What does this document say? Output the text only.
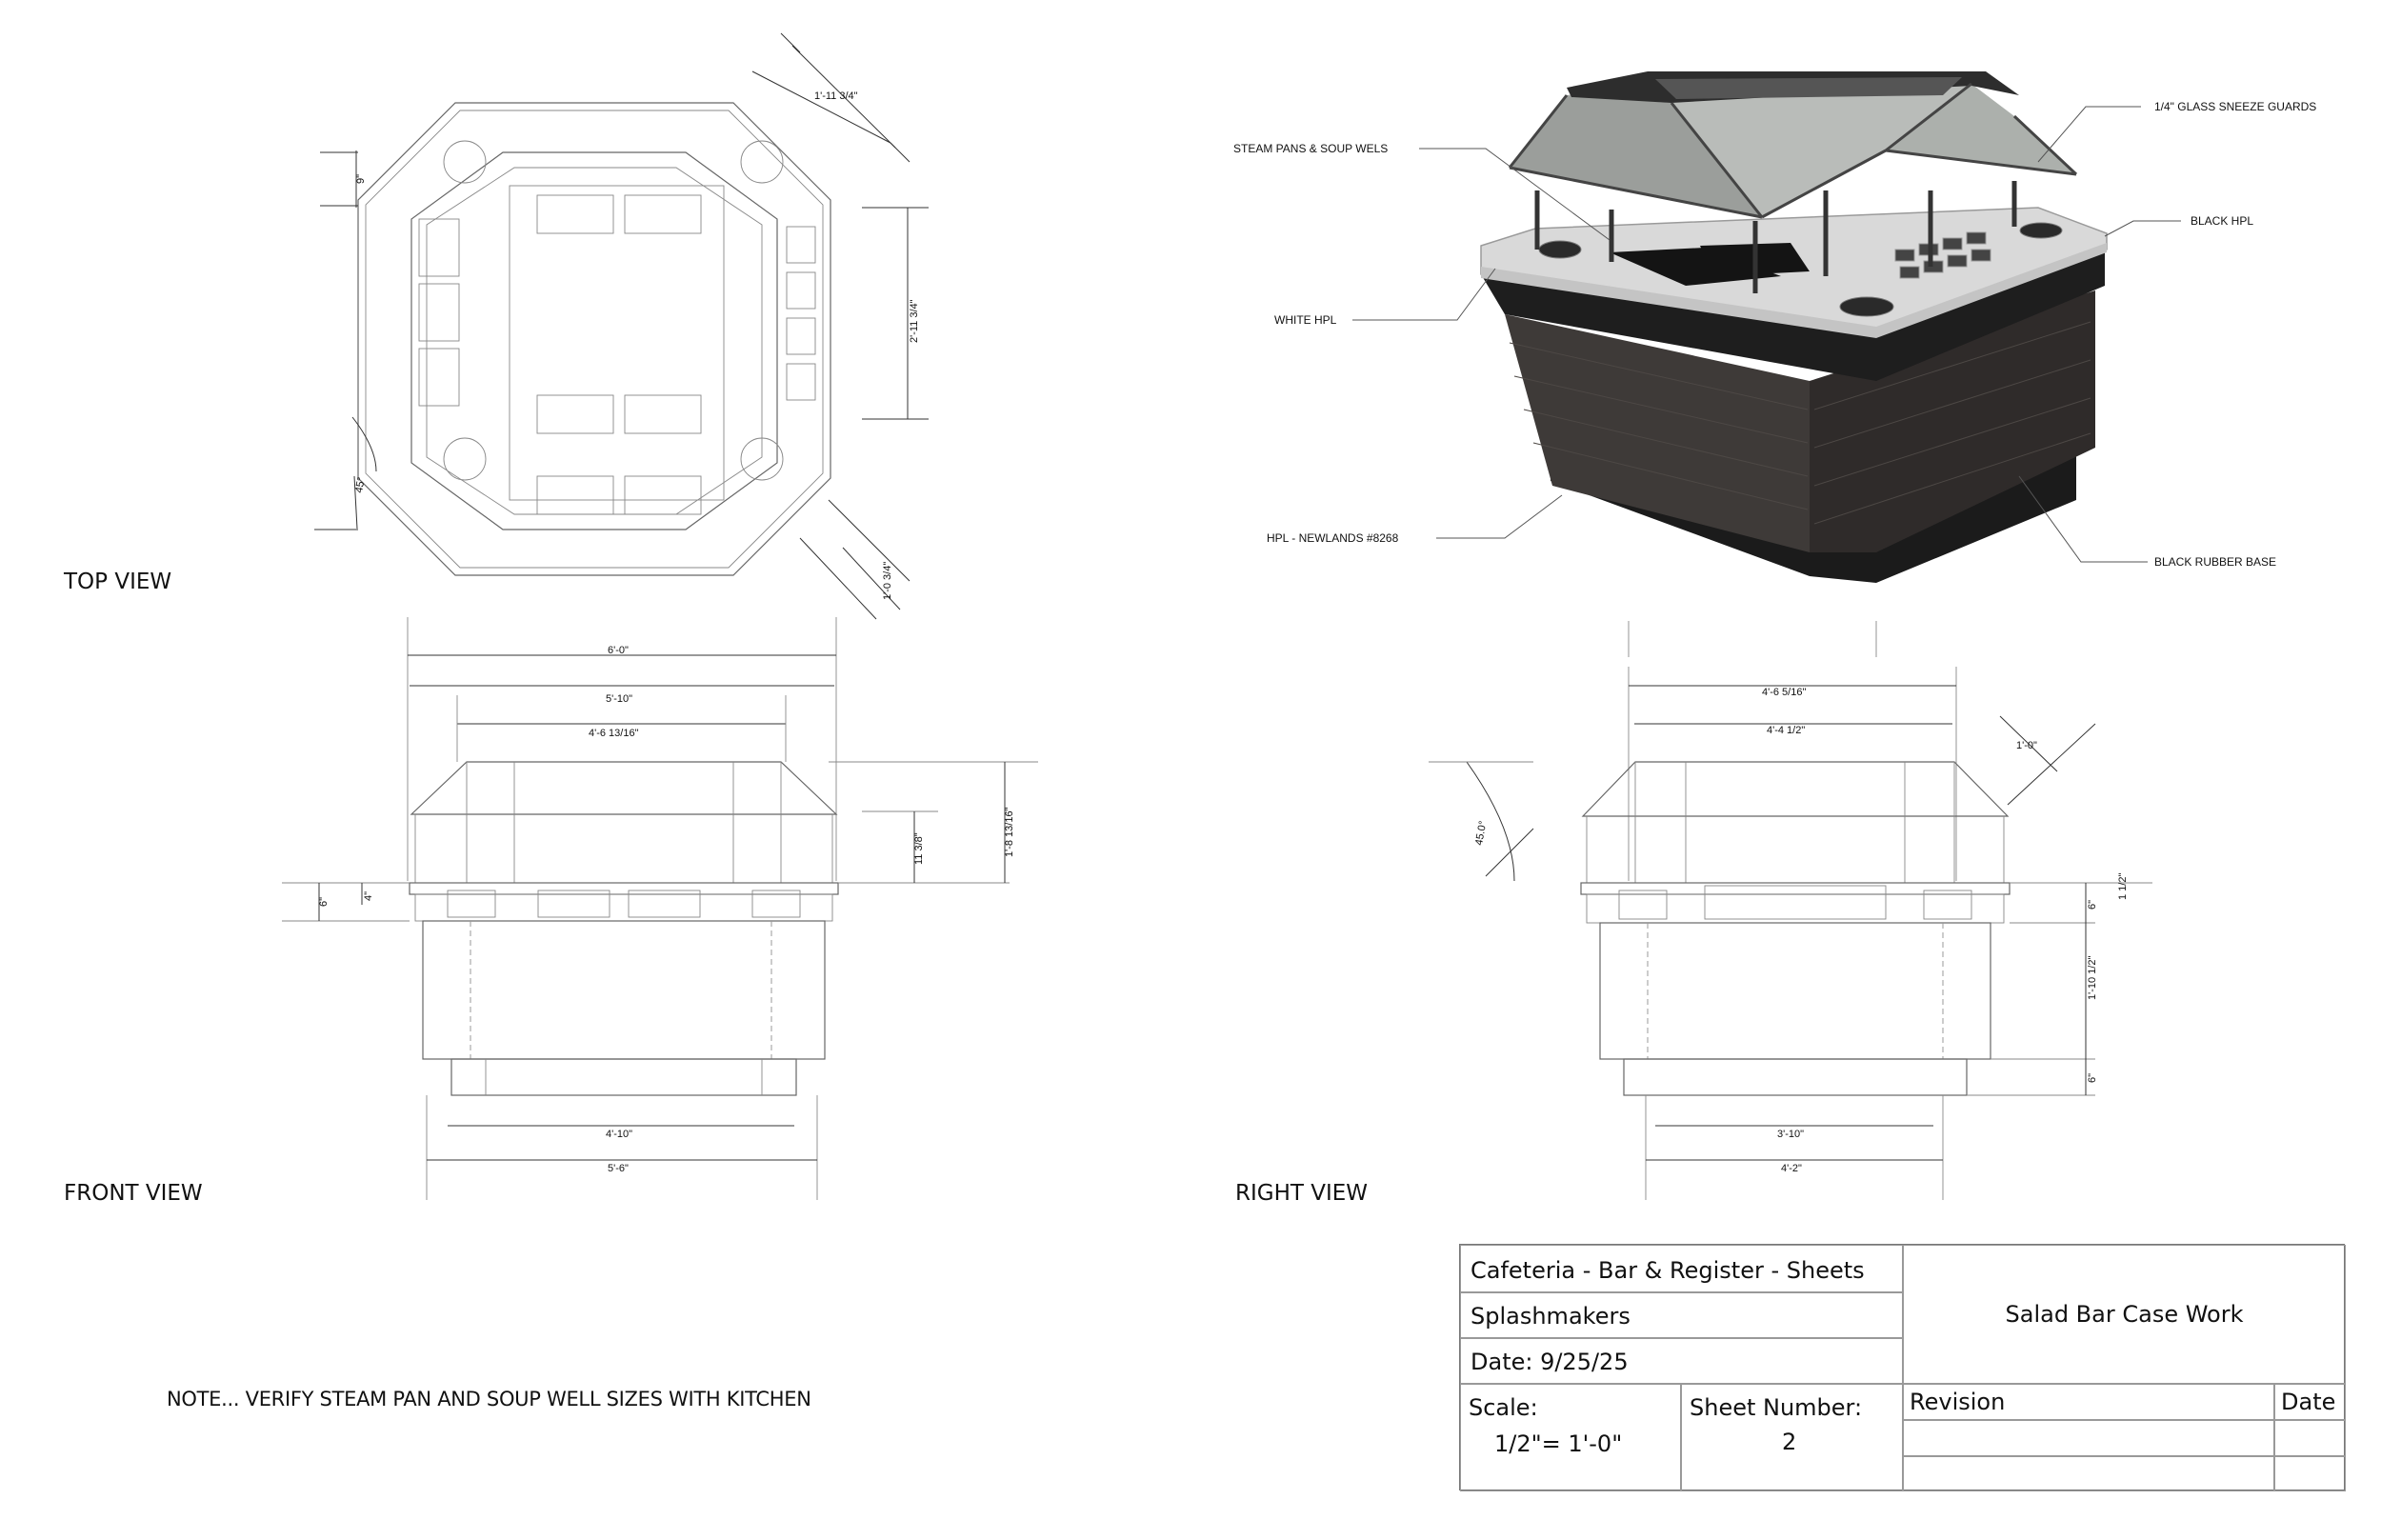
1'-11 3/4"
9"
2'-11 3/4"
45°
1'-0 3/4"
6'-0"
5'-10"
4'-6 13/16"
1'-8 13/16"
11 3/8"
6"
4"
4'-10"
5'-6"
4'-6 5/16"
4'-4 1/2"
1'-0"
45.0°
1 1/2"
6"
1'-10 1/2"
6"
3'-10"
4'-2"
STEAM PANS & SOUP WELS
1/4" GLASS SNEEZE GUARDS
BLACK HPL
WHITE HPL
HPL - NEWLANDS #8268
BLACK RUBBER BASE
TOP VIEW
FRONT VIEW	RIGHT VIEW
NOTE... VERIFY STEAM PAN AND SOUP WELL SIZES WITH KITCHEN
Cafeteria - Bar & Register - Sheets
Splashmakers
Date: 9/25/25
Scale:
1/2"= 1'-0"
Sheet Number:
2
Salad Bar Case Work
Revision	Date
